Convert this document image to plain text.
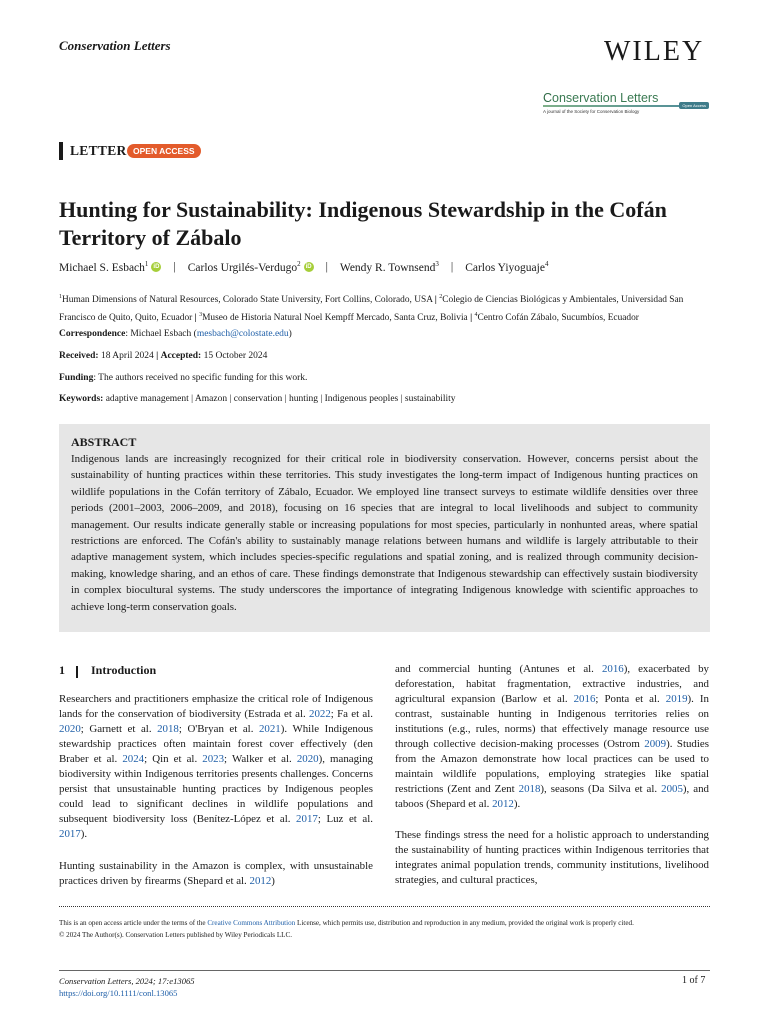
Conservation Letters	WILEY
Conservation Letters
A journal of the Society for Conservation Biology
Open Access
LETTER OPEN ACCESS
Hunting for Sustainability: Indigenous Stewardship in the Cofán Territory of Zábalo
Michael S. Esbach$^1$ iD | Carlos Urgilés-Verdugo$^2$ iD | Wendy R. Townsend$^3$ | Carlos Yiyoguaje$^4$
$^1$Human Dimensions of Natural Resources, Colorado State University, Fort Collins, Colorado, USA | $^2$Colegio de Ciencias Biológicas y Ambientales, Universidad San Francisco de Quito, Quito, Ecuador | $^3$Museo de Historia Natural Noel Kempff Mercado, Santa Cruz, Bolivia | $^4$Centro Cofán Zábalo, Sucumbíos, Ecuador
Correspondence: Michael Esbach (mesbach@colostate.edu)
Received: 18 April 2024 | Accepted: 15 October 2024
Funding: The authors received no specific funding for this work.
Keywords: adaptive management | Amazon | conservation | hunting | Indigenous peoples | sustainability
ABSTRACT
Indigenous lands are increasingly recognized for their critical role in biodiversity conservation. However, concerns persist about the sustainability of hunting practices within these territories. This study investigates the long-term impact of Indigenous hunting practices on wildlife populations in the Cofán territory of Zábalo, Ecuador. We employed line transect surveys to estimate wildlife densities over three periods (2001–2003, 2006–2009, and 2018), focusing on 16 species that are integral to local livelihoods and subject to community management. Our results indicate generally stable or increasing populations for most species, particularly in nonhunted areas, where spatial restrictions are enforced. The Cofán's ability to sustainably manage relations between humans and wildlife is largely attributable to their adaptive management system, which includes species-specific regulations and spatial zoning, and is realized through community decision-making, knowledge sharing, and an ethos of care. These findings demonstrate that Indigenous stewardship can effectively sustain biodiversity in complex biocultural systems. The study underscores the importance of integrating Indigenous knowledge with scientific approaches to achieve long-term conservation goals.
1 Introduction
Researchers and practitioners emphasize the critical role of Indigenous lands for the conservation of biodiversity (Estrada et al. 2022; Fa et al. 2020; Garnett et al. 2018; O'Bryan et al. 2021). While Indigenous stewardship practices often maintain forest cover effectively (den Braber et al. 2024; Qin et al. 2023; Walker et al. 2020), managing biodiversity within Indigenous territories presents challenges. Concerns persist that unsustainable hunting practices by Indigenous peoples could lead to significant declines in wildlife populations and subsequent biodiversity loss (Benítez-López et al. 2017; Luz et al. 2017).
Hunting sustainability in the Amazon is complex, with unsustainable practices driven by firearms (Shepard et al. 2012)
and commercial hunting (Antunes et al. 2016), exacerbated by deforestation, habitat fragmentation, extractive industries, and agricultural expansion (Barlow et al. 2016; Ponta et al. 2019). In contrast, sustainable hunting in Indigenous territories relies on institutions (e.g., rules, norms) that effectively manage resource use through collective decision-making processes (Ostrom 2009). Studies from the Amazon demonstrate how local practices can be used to maintain wildlife populations, employing strategies like spatial restrictions (Zent and Zent 2018), seasons (Da Silva et al. 2005), and taboos (Shepard et al. 2012).
These findings stress the need for a holistic approach to understanding the sustainability of hunting practices within Indigenous territories that integrates animal population trends, community institutions, livelihood strategies, and cultural practices,
This is an open access article under the terms of the Creative Commons Attribution License, which permits use, distribution and reproduction in any medium, provided the original work is properly cited.
© 2024 The Author(s). Conservation Letters published by Wiley Periodicals LLC.
Conservation Letters, 2024; 17:e13065
https://doi.org/10.1111/conl.13065
1 of 7
